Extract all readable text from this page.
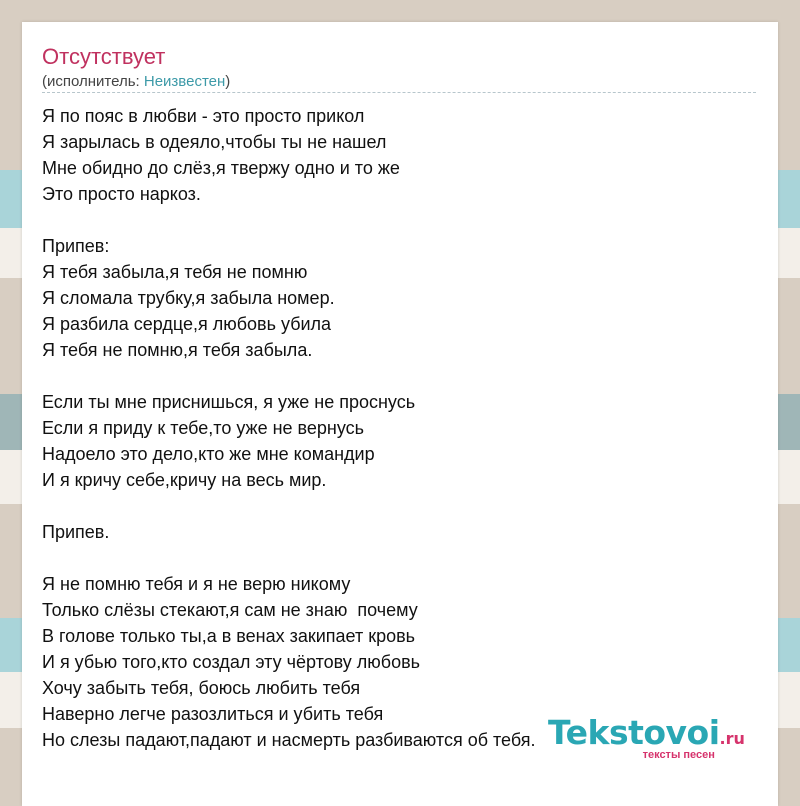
Отсутствует
(исполнитель: Неизвестен)
Я по пояс в любви - это просто прикол
Я зарылась в одеяло,чтобы ты не нашел
Мне обидно до слёз,я твержу одно и то же
Это просто наркоз.

Припев:
Я тебя забыла,я тебя не помню
Я сломала трубку,я забыла номер.
Я разбила сердце,я любовь убила
Я тебя не помню,я тебя забыла.

Если ты мне приснишься, я уже не проснусь
Если я приду к тебе,то уже не вернусь
Надоело это дело,кто же мне командир
И я кричу себе,кричу на весь мир.

Припев.

Я не помню тебя и я не верю никому
Только слёзы стекают,я сам не знаю  почему
В голове только ты,а в венах закипает кровь
И я убью того,кто создал эту чёртову любовь
Хочу забыть тебя, боюсь любить тебя
Наверно легче разозлиться и убить тебя
Но слезы падают,падают и насмерть разбиваются об тебя. Tekstovoi.ru
тексты песен
